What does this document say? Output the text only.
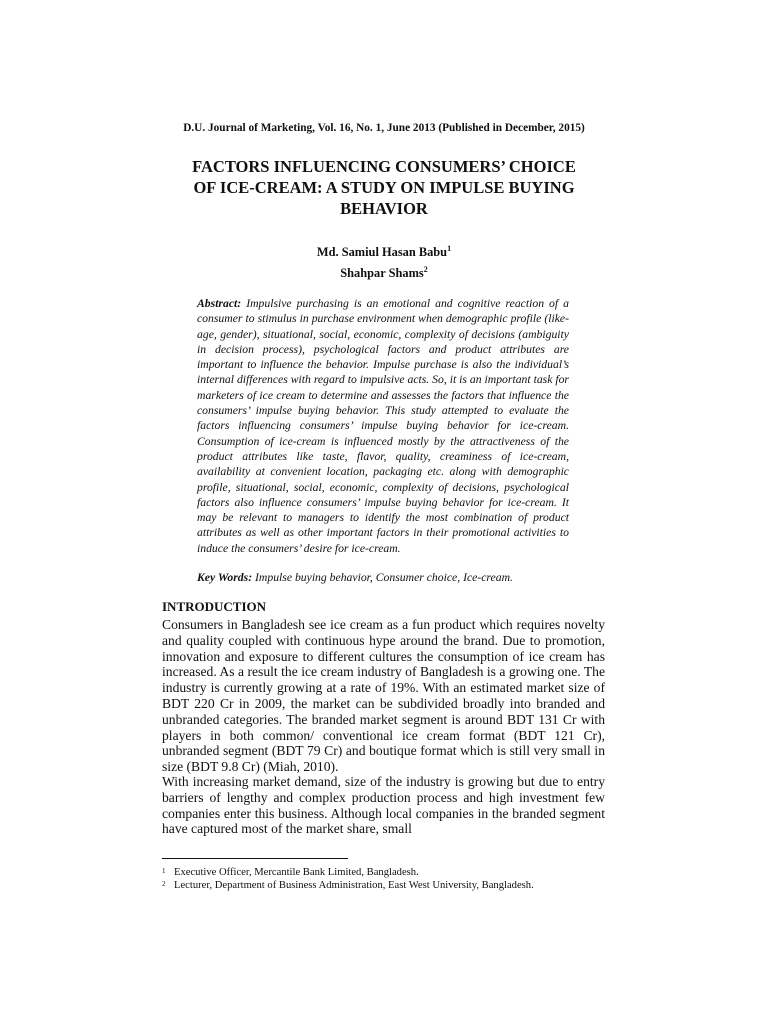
D.U. Journal of Marketing, Vol. 16, No. 1, June 2013 (Published in December, 2015)
FACTORS INFLUENCING CONSUMERS’ CHOICE
OF ICE-CREAM: A STUDY ON IMPULSE BUYING
BEHAVIOR
Md. Samiul Hasan Babu$^1$
Shahpar Shams$^2$
Abstract: Impulsive purchasing is an emotional and cognitive reaction of a consumer to stimulus in purchase environment when demographic profile (like- age, gender), situational, social, economic, complexity of decisions (ambiguity in decision process), psychological factors and product attributes are important to influence the behavior. Impulse purchase is also the individual’s internal differences with regard to impulsive acts. So, it is an important task for marketers of ice cream to determine and assesses the factors that influence the consumers’ impulse buying behavior. This study attempted to evaluate the factors influencing consumers’ impulse buying behavior for ice-cream. Consumption of ice-cream is influenced mostly by the attractiveness of the product attributes like taste, flavor, quality, creaminess of ice-cream, availability at convenient location, packaging etc. along with demographic profile, situational, social, economic, complexity of decisions, psychological factors also influence consumers’ impulse buying behavior for ice-cream. It may be relevant to managers to identify the most combination of product attributes as well as other important factors in their promotional activities to induce the consumers’ desire for ice-cream.
Key Words: Impulse buying behavior, Consumer choice, Ice-cream.
INTRODUCTION
Consumers in Bangladesh see ice cream as a fun product which requires novelty and quality coupled with continuous hype around the brand. Due to promotion, innovation and exposure to different cultures the consumption of ice cream has increased. As a result the ice cream industry of Bangladesh is a growing one. The industry is currently growing at a rate of 19%. With an estimated market size of BDT 220 Cr in 2009, the market can be subdivided broadly into branded and unbranded categories. The branded market segment is around BDT 131 Cr with players in both common/ conventional ice cream format (BDT 121 Cr), unbranded segment (BDT 79 Cr) and boutique format which is still very small in size (BDT 9.8 Cr) (Miah, 2010).
With increasing market demand, size of the industry is growing but due to entry barriers of lengthy and complex production process and high investment few companies enter this business. Although local companies in the branded segment have captured most of the market share, small
$^1$ Executive Officer, Mercantile Bank Limited, Bangladesh.
$^2$ Lecturer, Department of Business Administration, East West University, Bangladesh.
